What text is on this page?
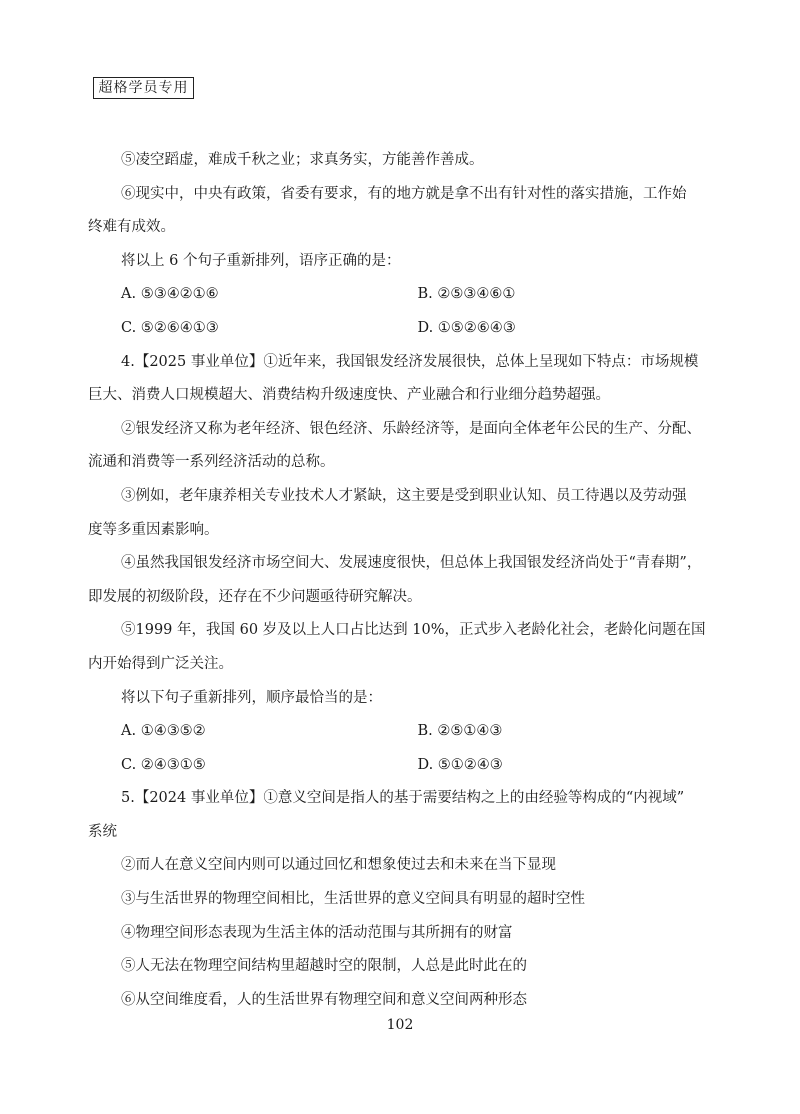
超格学员专用
⑤凌空蹈虚，难成千秋之业；求真务实，方能善作善成。
⑥现实中，中央有政策，省委有要求，有的地方就是拿不出有针对性的落实措施，工作始
终难有成效。
将以上 6 个句子重新排列，语序正确的是：
A. ⑤③④②①⑥	B. ②⑤③④⑥①
C. ⑤②⑥④①③	D. ①⑤②⑥④③
4.【2025 事业单位】①近年来，我国银发经济发展很快，总体上呈现如下特点：市场规模
巨大、消费人口规模超大、消费结构升级速度快、产业融合和行业细分趋势超强。
②银发经济又称为老年经济、银色经济、乐龄经济等，是面向全体老年公民的生产、分配、
流通和消费等一系列经济活动的总称。
③例如，老年康养相关专业技术人才紧缺，这主要是受到职业认知、员工待遇以及劳动强
度等多重因素影响。
④虽然我国银发经济市场空间大、发展速度很快，但总体上我国银发经济尚处于“青春期”，
即发展的初级阶段，还存在不少问题亟待研究解决。
⑤1999 年，我国 60 岁及以上人口占比达到 10%，正式步入老龄化社会，老龄化问题在国
内开始得到广泛关注。
将以下句子重新排列，顺序最恰当的是：
A. ①④③⑤②	B. ②⑤①④③
C. ②④③①⑤	D. ⑤①②④③
5.【2024 事业单位】①意义空间是指人的基于需要结构之上的由经验等构成的“内视域”
系统
②而人在意义空间内则可以通过回忆和想象使过去和未来在当下显现
③与生活世界的物理空间相比，生活世界的意义空间具有明显的超时空性
④物理空间形态表现为生活主体的活动范围与其所拥有的财富
⑤人无法在物理空间结构里超越时空的限制，人总是此时此在的
⑥从空间维度看，人的生活世界有物理空间和意义空间两种形态
102
